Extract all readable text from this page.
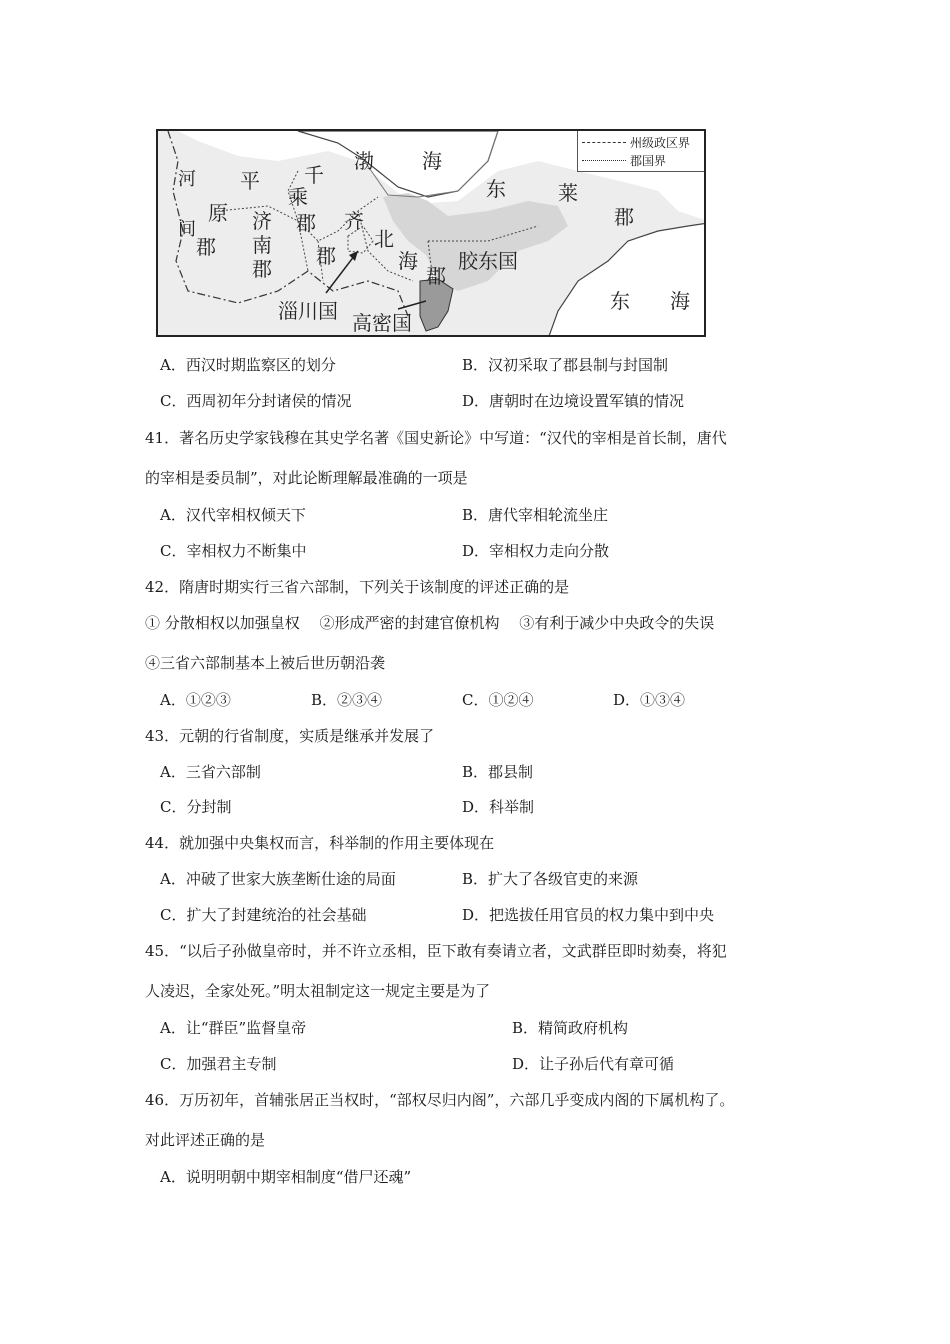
州级政区界
郡国界
渤 海
河
间
平
原
郡
济
南
郡
千
乘
郡 齐
郡
北
海
郡
胶东国
东	莱
郡
东 海
淄川国 高密国
A．西汉时期监察区的划分	B．汉初采取了郡县制与封国制
C．西周初年分封诸侯的情况	D．唐朝时在边境设置军镇的情况
41．著名历史学家钱穆在其史学名著《国史新论》中写道：“汉代的宰相是首长制，唐代
的宰相是委员制”，对此论断理解最准确的一项是
A．汉代宰相权倾天下	B．唐代宰相轮流坐庄
C．宰相权力不断集中	D．宰相权力走向分散
42．隋唐时期实行三省六部制，下列关于该制度的评述正确的是
① 分散相权以加强皇权　 ②形成严密的封建官僚机构　 ③有利于减少中央政令的失误
④三省六部制基本上被后世历朝沿袭
A．①②③	B．②③④	C．①②④	D．①③④
43．元朝的行省制度，实质是继承并发展了
A．三省六部制	B．郡县制
C．分封制	D．科举制
44．就加强中央集权而言，科举制的作用主要体现在
A．冲破了世家大族垄断仕途的局面	B．扩大了各级官吏的来源
C．扩大了封建统治的社会基础	D．把选拔任用官员的权力集中到中央
45．“以后子孙做皇帝时，并不许立丞相，臣下敢有奏请立者，文武群臣即时劾奏，将犯
人凌迟，全家处死。”明太祖制定这一规定主要是为了
A．让“群臣”监督皇帝	B．精简政府机构
C．加强君主专制	D．让子孙后代有章可循
46．万历初年，首辅张居正当权时，“部权尽归内阁”，六部几乎变成内阁的下属机构了。
对此评述正确的是
A．说明明朝中期宰相制度“借尸还魂”
